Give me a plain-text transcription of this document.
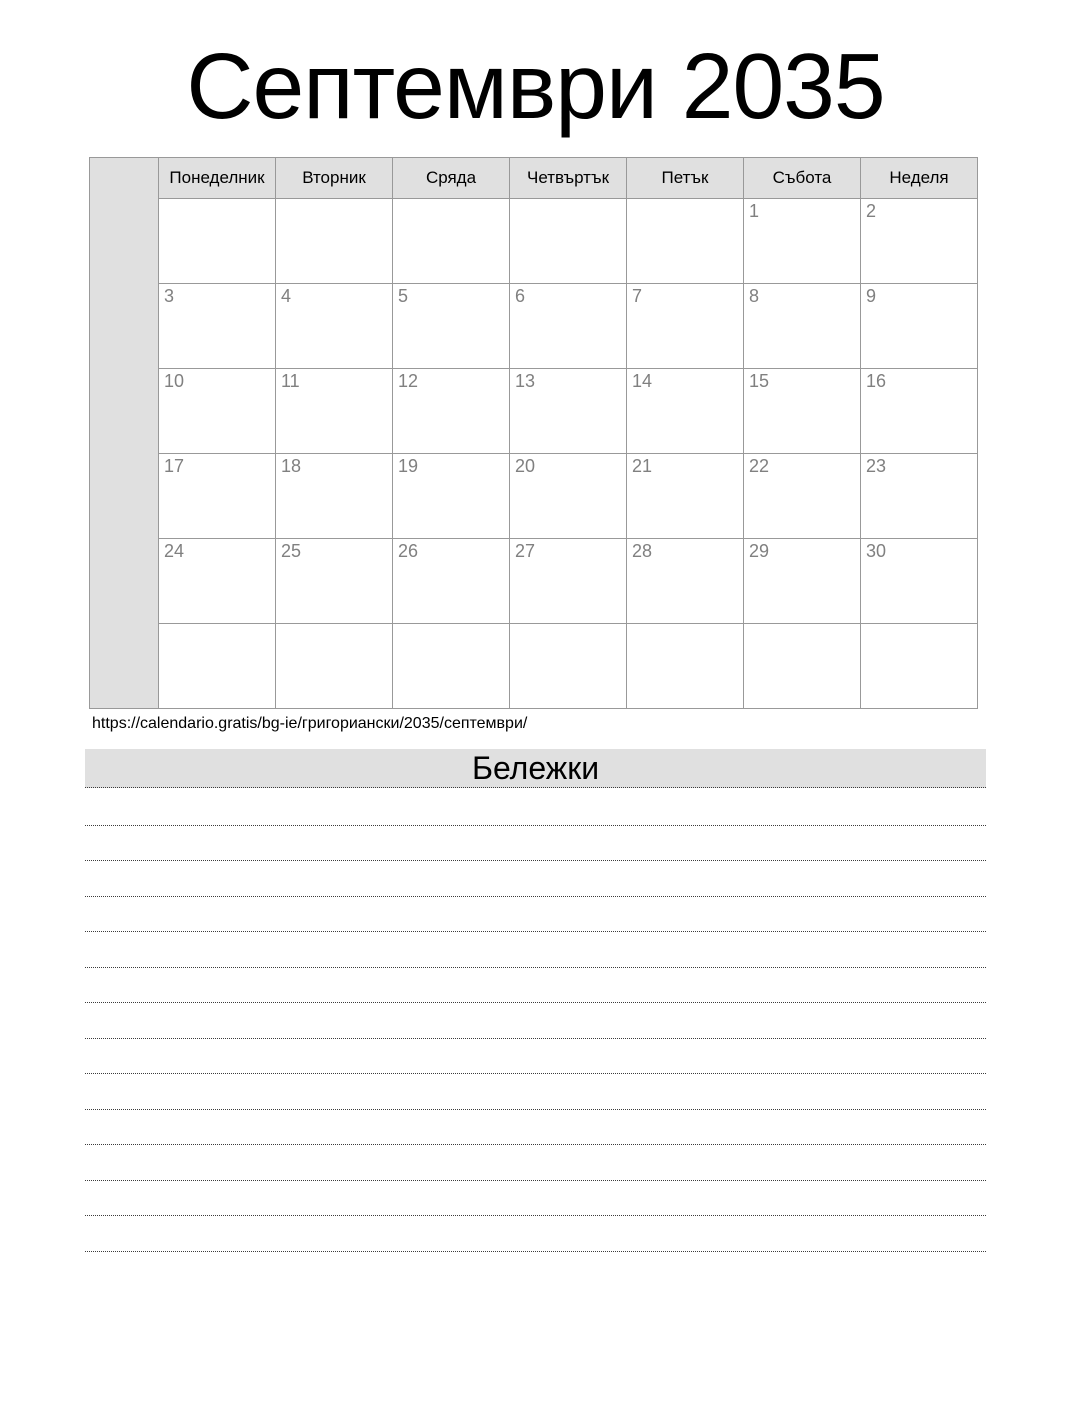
Септември 2035
	Понеделник	Вторник	Сряда	Четвъртък	Петък	Събота	Неделя
						1	2
	3	4	5	6	7	8	9
	10	11	12	13	14	15	16
	17	18	19	20	21	22	23
	24	25	26	27	28	29	30

https://calendario.gratis/bg-ie/григориански/2035/септември/
Бележки
